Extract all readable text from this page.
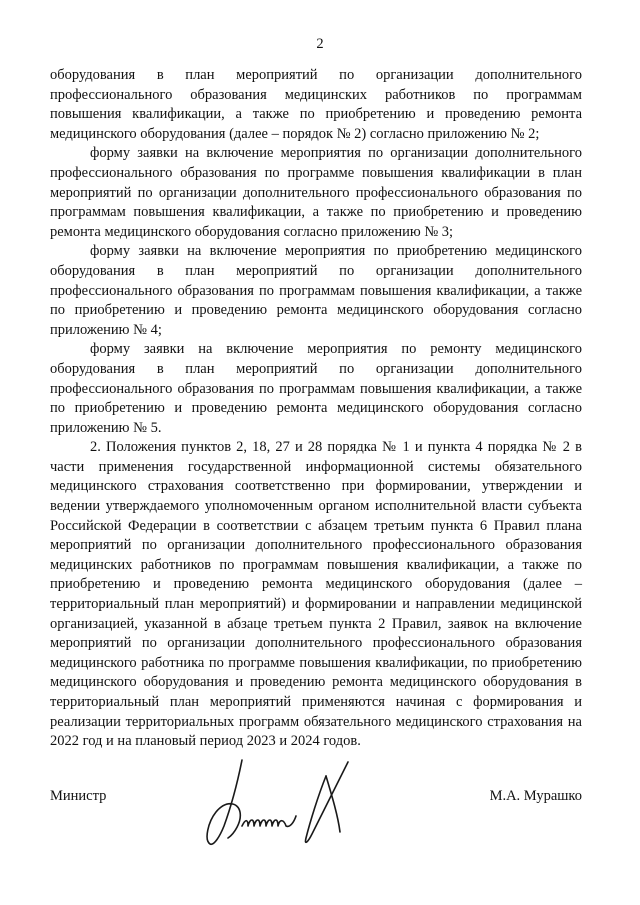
2

оборудования в план мероприятий по организации дополнительного профессионального образования медицинских работников по программам повышения квалификации, а также по приобретению и проведению ремонта медицинского оборудования (далее – порядок № 2) согласно приложению № 2;

форму заявки на включение мероприятия по организации дополнительного профессионального образования по программе повышения квалификации в план мероприятий по организации дополнительного профессионального образования по программам повышения квалификации, а также по приобретению и проведению ремонта медицинского оборудования согласно приложению № 3;

форму заявки на включение мероприятия по приобретению медицинского оборудования в план мероприятий по организации дополнительного профессионального образования по программам повышения квалификации, а также по приобретению и проведению ремонта медицинского оборудования согласно приложению № 4;

форму заявки на включение мероприятия по ремонту медицинского оборудования в план мероприятий по организации дополнительного профессионального образования по программам повышения квалификации, а также по приобретению и проведению ремонта медицинского оборудования согласно приложению № 5.

2. Положения пунктов 2, 18, 27 и 28 порядка № 1 и пункта 4 порядка № 2 в части применения государственной информационной системы обязательного медицинского страхования соответственно при формировании, утверждении и ведении утверждаемого уполномоченным органом исполнительной власти субъекта Российской Федерации в соответствии с абзацем третьим пункта 6 Правил плана мероприятий по организации дополнительного профессионального образования медицинских работников по программам повышения квалификации, а также по приобретению и проведению ремонта медицинского оборудования (далее – территориальный план мероприятий) и формировании и направлении медицинской организацией, указанной в абзаце третьем пункта 2 Правил, заявок на включение мероприятий по организации дополнительного профессионального образования медицинского работника по программе повышения квалификации, по приобретению медицинского оборудования и проведению ремонта медицинского оборудования в территориальный план мероприятий применяются начиная с формирования и реализации территориальных программ обязательного медицинского страхования на 2022 год и на плановый период 2023 и 2024 годов.

Министр	М.А. Мурашко
